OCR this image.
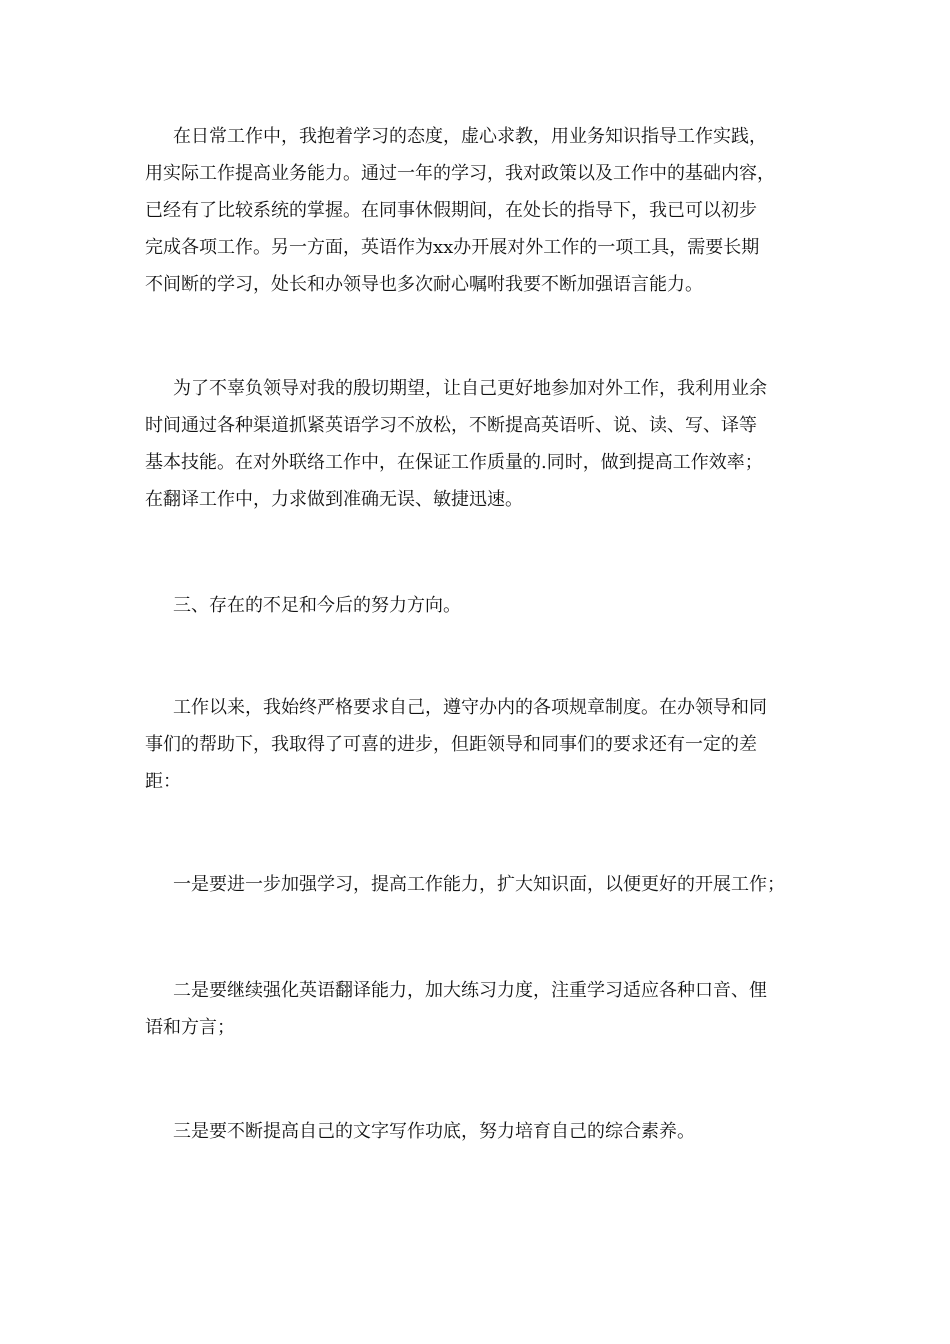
在日常工作中，我抱着学习的态度，虚心求教，用业务知识指导工作实践，
用实际工作提高业务能力。通过一年的学习，我对政策以及工作中的基础内容，
已经有了比较系统的掌握。在同事休假期间，在处长的指导下，我已可以初步
完成各项工作。另一方面，英语作为xx办开展对外工作的一项工具，需要长期
不间断的学习，处长和办领导也多次耐心嘱咐我要不断加强语言能力。

为了不辜负领导对我的殷切期望，让自己更好地参加对外工作，我利用业余
时间通过各种渠道抓紧英语学习不放松，不断提高英语听、说、读、写、译等
基本技能。在对外联络工作中，在保证工作质量的.同时，做到提高工作效率；
在翻译工作中，力求做到准确无误、敏捷迅速。

三、存在的不足和今后的努力方向。

工作以来，我始终严格要求自己，遵守办内的各项规章制度。在办领导和同
事们的帮助下，我取得了可喜的进步，但距领导和同事们的要求还有一定的差
距：

一是要进一步加强学习，提高工作能力，扩大知识面，以便更好的开展工作；

二是要继续强化英语翻译能力，加大练习力度，注重学习适应各种口音、俚
语和方言；

三是要不断提高自己的文字写作功底，努力培育自己的综合素养。
